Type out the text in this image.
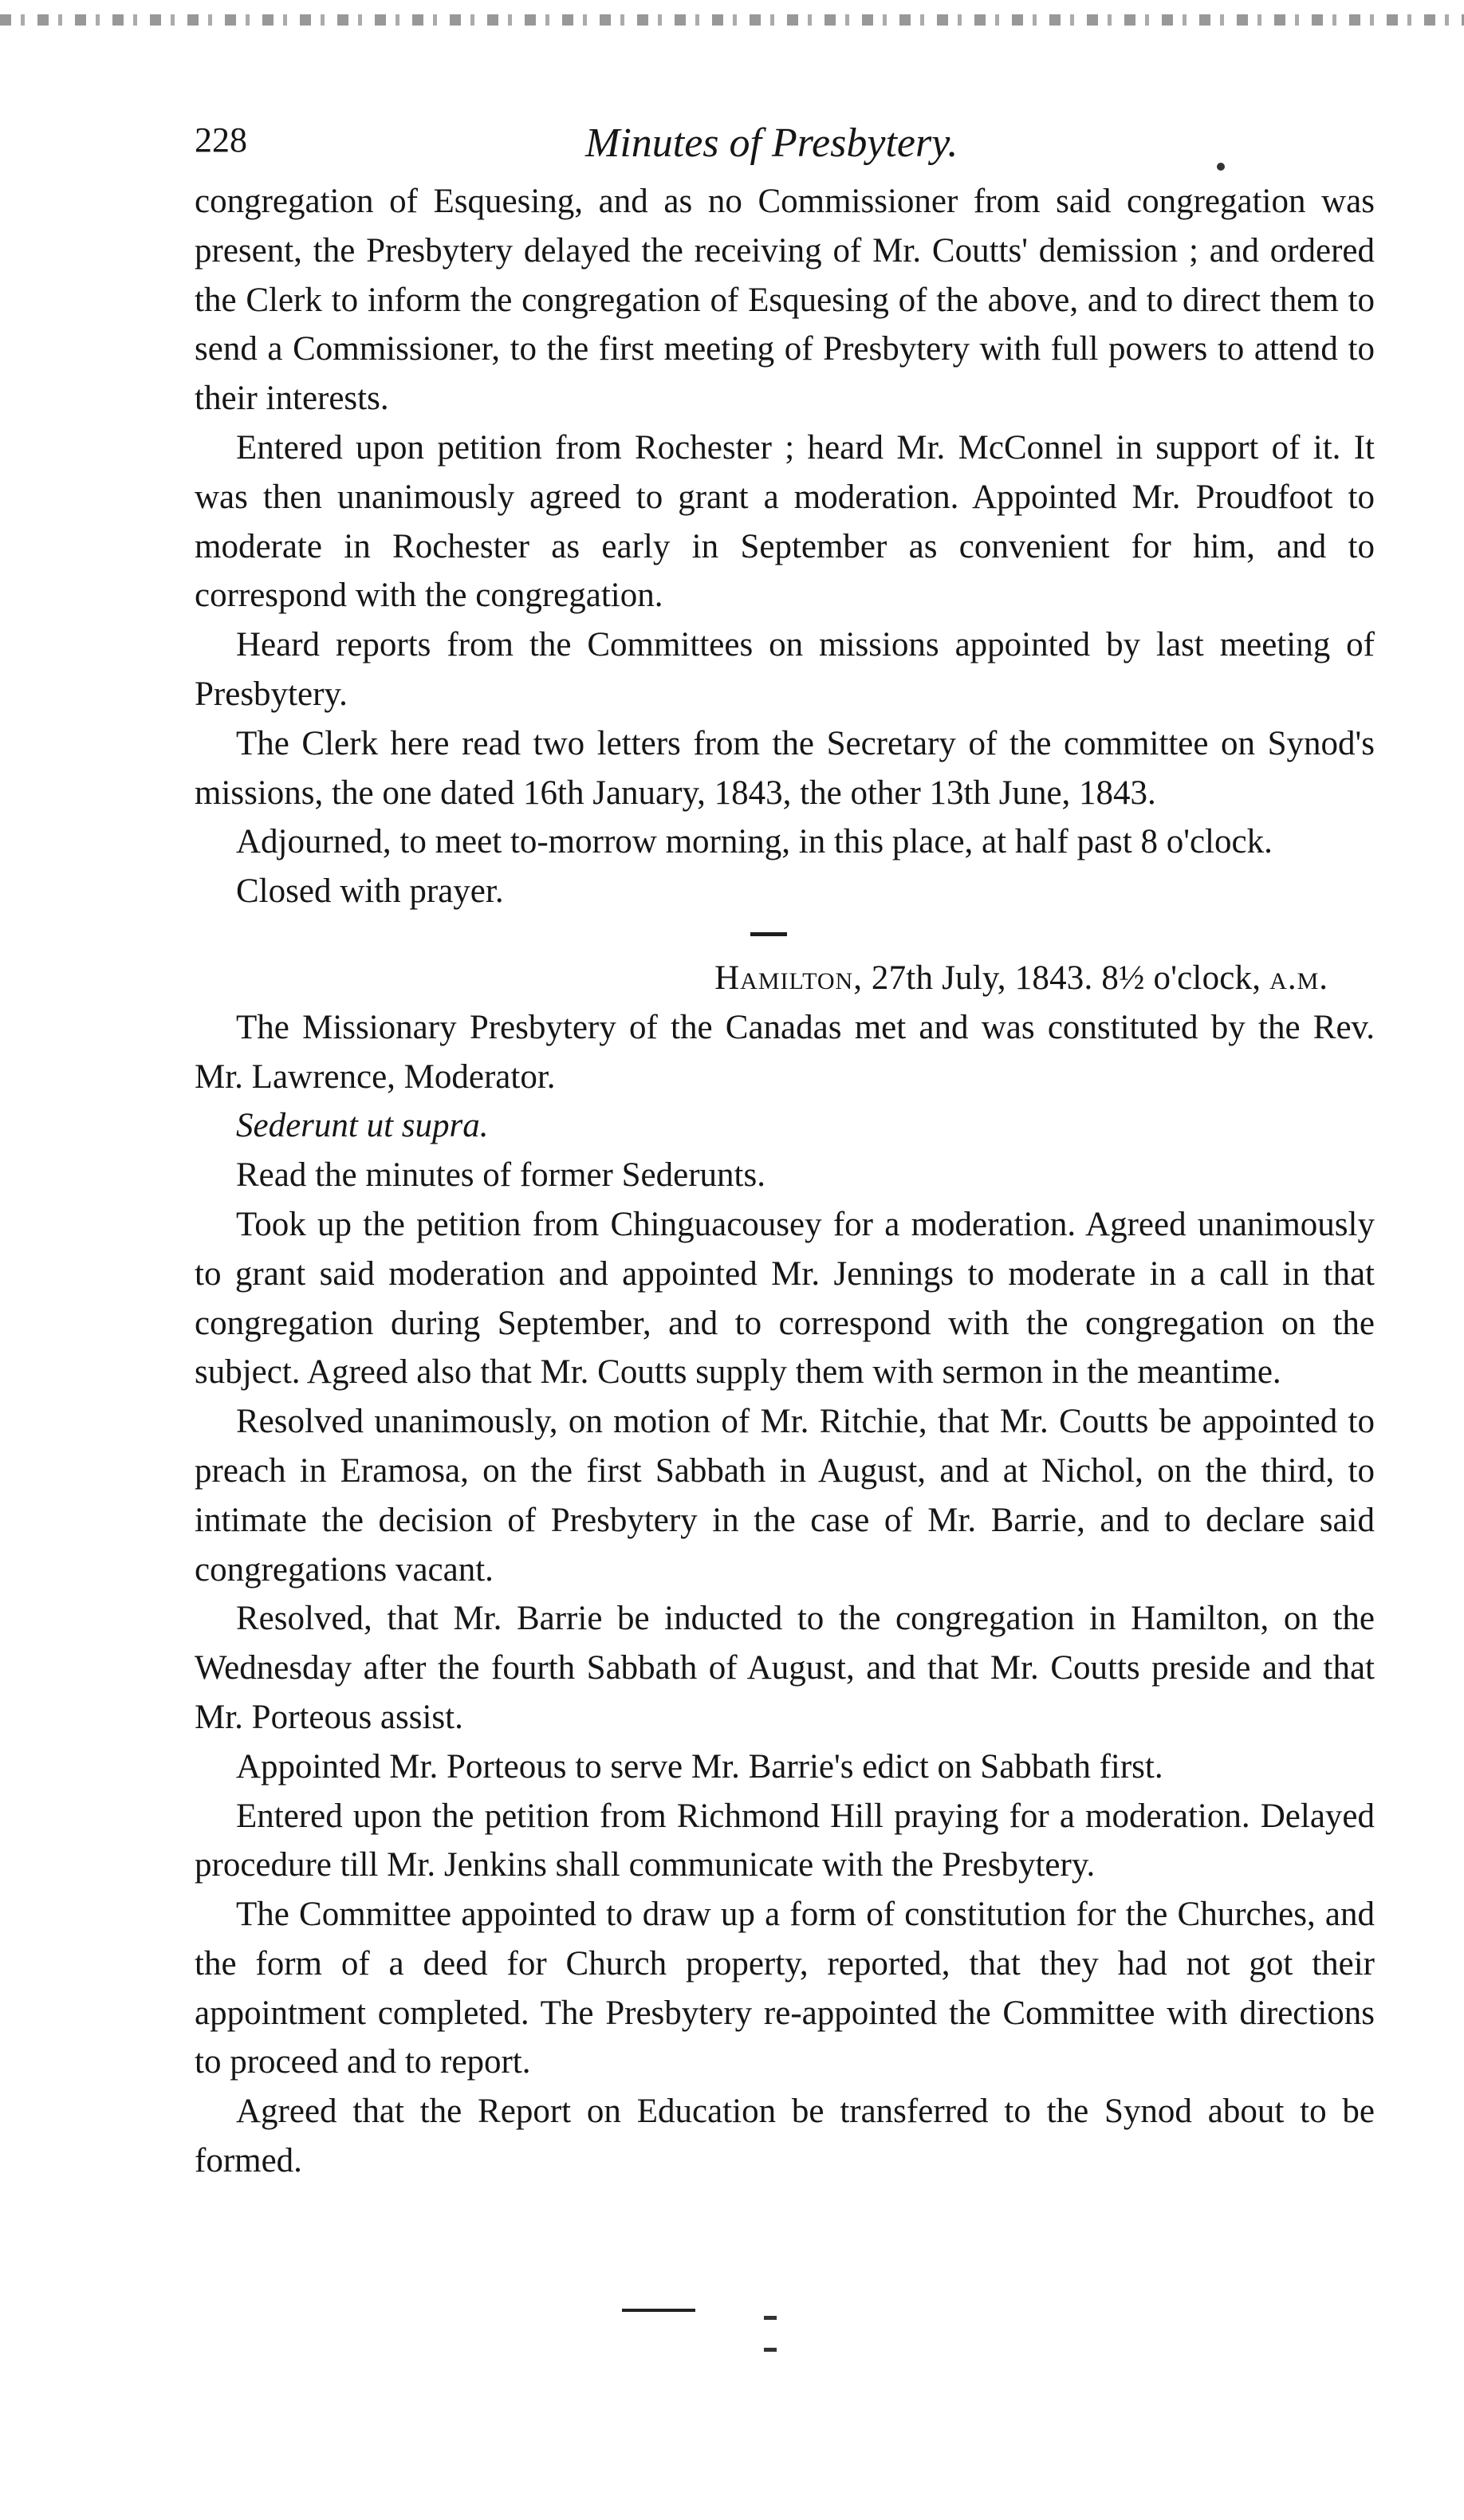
228	Minutes of Presbytery.

congregation of Esquesing, and as no Commissioner from said congregation was present, the Presbytery delayed the receiving of Mr. Coutts' demission ; and ordered the Clerk to inform the congregation of Esquesing of the above, and to direct them to send a Commissioner, to the first meeting of Presbytery with full powers to attend to their interests.

Entered upon petition from Rochester ; heard Mr. McConnel in support of it. It was then unanimously agreed to grant a moderation. Appointed Mr. Proudfoot to moderate in Rochester as early in September as convenient for him, and to correspond with the congregation.

Heard reports from the Committees on missions appointed by last meeting of Presbytery.

The Clerk here read two letters from the Secretary of the committee on Synod's missions, the one dated 16th January, 1843, the other 13th June, 1843.

Adjourned, to meet to-morrow morning, in this place, at half past 8 o'clock.

Closed with prayer.

Hamilton, 27th July, 1843. 8½ o'clock, a.m.

The Missionary Presbytery of the Canadas met and was constituted by the Rev. Mr. Lawrence, Moderator.

Sederunt ut supra.

Read the minutes of former Sederunts.

Took up the petition from Chinguacousey for a moderation. Agreed unanimously to grant said moderation and appointed Mr. Jennings to moderate in a call in that congregation during September, and to correspond with the congregation on the subject. Agreed also that Mr. Coutts supply them with sermon in the meantime.

Resolved unanimously, on motion of Mr. Ritchie, that Mr. Coutts be appointed to preach in Eramosa, on the first Sabbath in August, and at Nichol, on the third, to intimate the decision of Presbytery in the case of Mr. Barrie, and to declare said congregations vacant.

Resolved, that Mr. Barrie be inducted to the congregation in Hamilton, on the Wednesday after the fourth Sabbath of August, and that Mr. Coutts preside and that Mr. Porteous assist.

Appointed Mr. Porteous to serve Mr. Barrie's edict on Sabbath first.

Entered upon the petition from Richmond Hill praying for a moderation. Delayed procedure till Mr. Jenkins shall communicate with the Presbytery.

The Committee appointed to draw up a form of constitution for the Churches, and the form of a deed for Church property, reported, that they had not got their appointment completed. The Presbytery re-appointed the Committee with directions to proceed and to report.

Agreed that the Report on Education be transferred to the Synod about to be formed.
